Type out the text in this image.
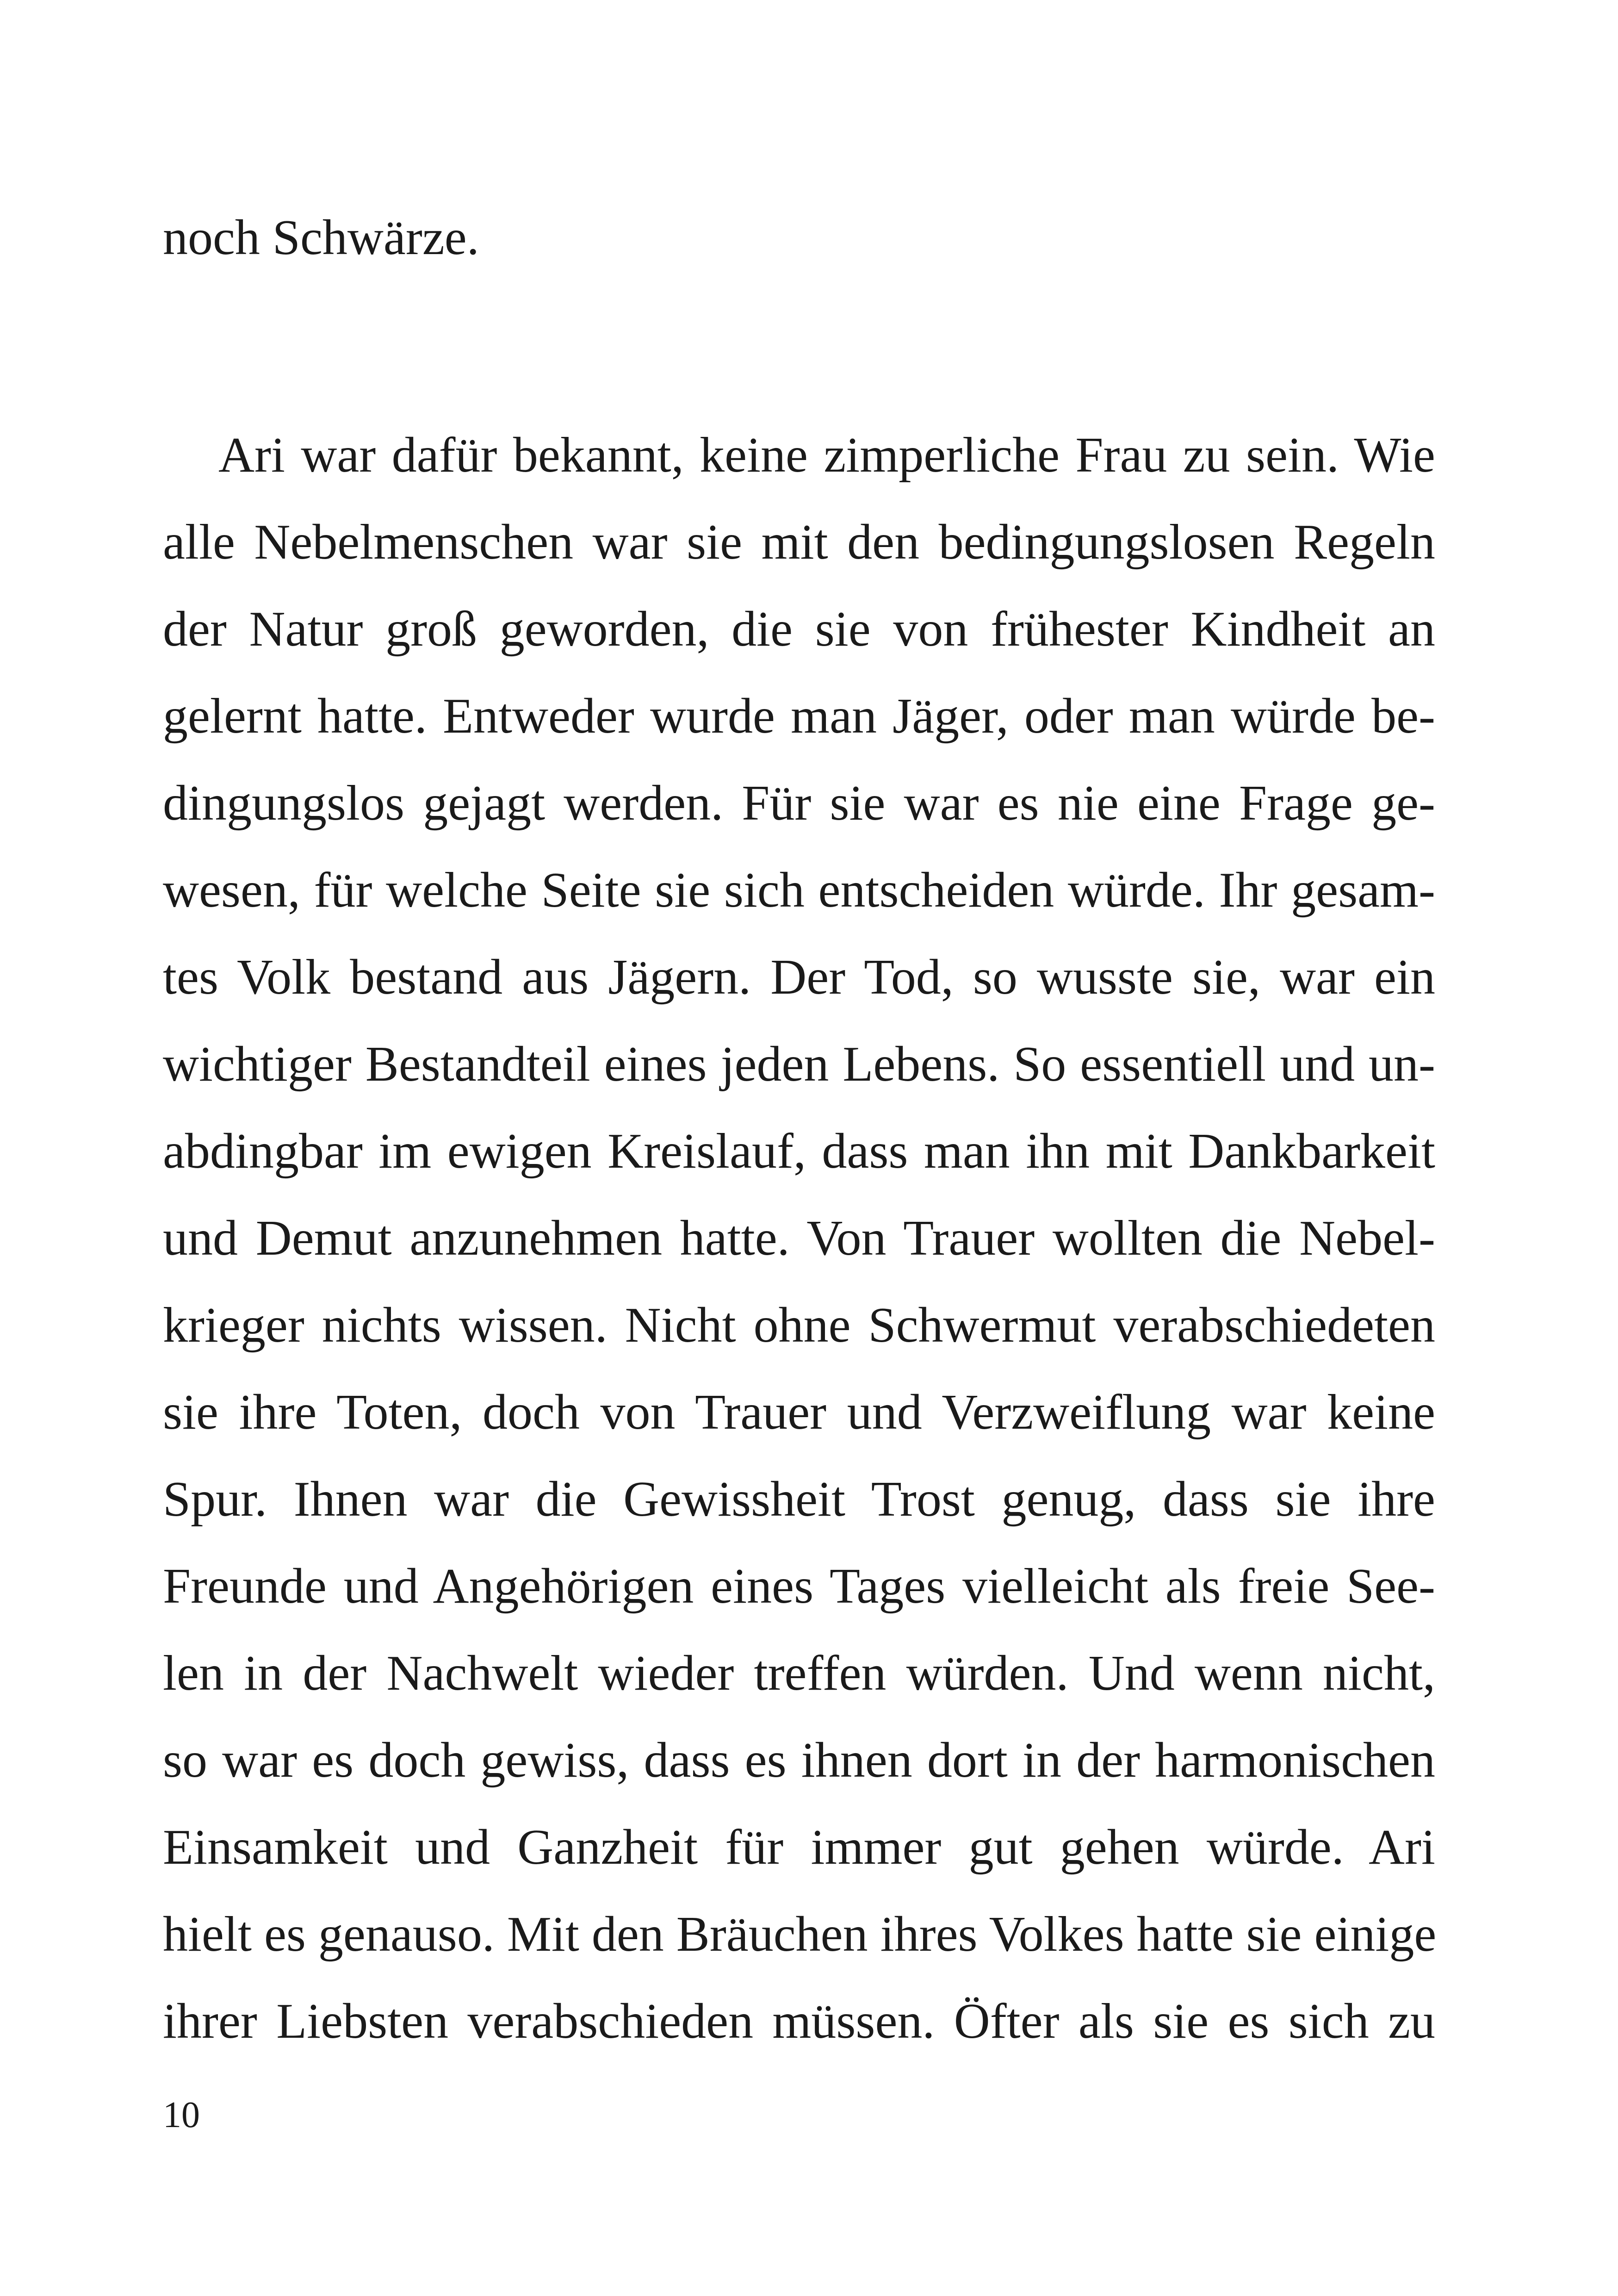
noch Schwärze.
Ari war dafür bekannt, keine zimperliche Frau zu sein. Wie
alle Nebelmenschen war sie mit den bedingungslosen Regeln
der Natur groß geworden, die sie von frühester Kindheit an
gelernt hatte. Entweder wurde man Jäger, oder man würde be-
dingungslos gejagt werden. Für sie war es nie eine Frage ge-
wesen, für welche Seite sie sich entscheiden würde. Ihr gesam-
tes Volk bestand aus Jägern. Der Tod, so wusste sie, war ein
wichtiger Bestandteil eines jeden Lebens. So essentiell und un-
abdingbar im ewigen Kreislauf, dass man ihn mit Dankbarkeit
und Demut anzunehmen hatte. Von Trauer wollten die Nebel-
krieger nichts wissen. Nicht ohne Schwermut verabschiedeten
sie ihre Toten, doch von Trauer und Verzweiflung war keine
Spur. Ihnen war die Gewissheit Trost genug, dass sie ihre
Freunde und Angehörigen eines Tages vielleicht als freie See-
len in der Nachwelt wieder treffen würden. Und wenn nicht,
so war es doch gewiss, dass es ihnen dort in der harmonischen
Einsamkeit und Ganzheit für immer gut gehen würde. Ari
hielt es genauso. Mit den Bräuchen ihres Volkes hatte sie einige
ihrer Liebsten verabschieden müssen. Öfter als sie es sich zu
10
